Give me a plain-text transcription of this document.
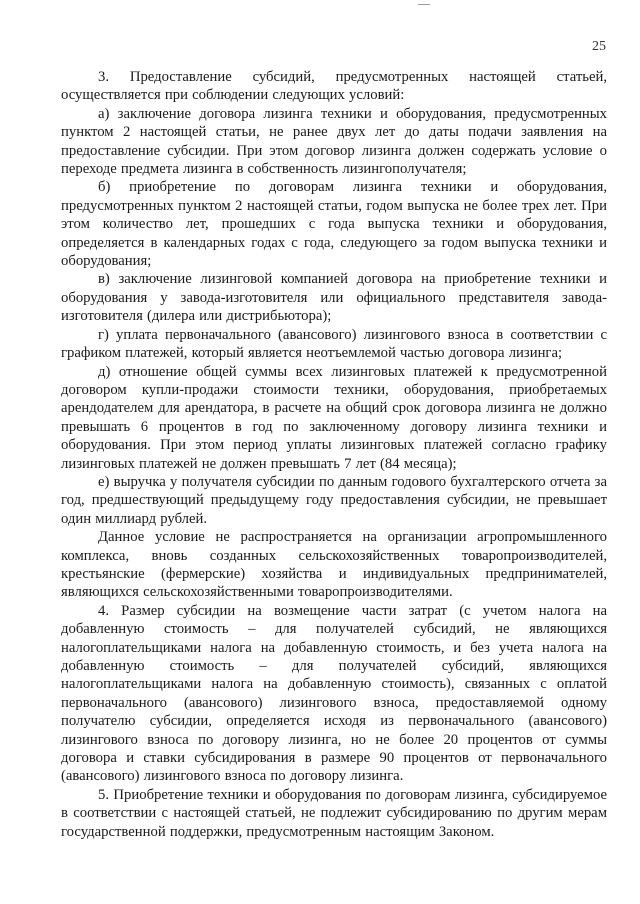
25

3. Предоставление субсидий, предусмотренных настоящей статьей, осуществляется при соблюдении следующих условий:

а) заключение договора лизинга техники и оборудования, предусмотренных пунктом 2 настоящей статьи, не ранее двух лет до даты подачи заявления на предоставление субсидии. При этом договор лизинга должен содержать условие о переходе предмета лизинга в собственность лизингополучателя;

б) приобретение по договорам лизинга техники и оборудования, предусмотренных пунктом 2 настоящей статьи, годом выпуска не более трех лет. При этом количество лет, прошедших с года выпуска техники и оборудования, определяется в календарных годах с года, следующего за годом выпуска техники и оборудования;

в) заключение лизинговой компанией договора на приобретение техники и оборудования у завода-изготовителя или официального представителя завода-изготовителя (дилера или дистрибьютора);

г) уплата первоначального (авансового) лизингового взноса в соответствии с графиком платежей, который является неотъемлемой частью договора лизинга;

д) отношение общей суммы всех лизинговых платежей к предусмотренной договором купли-продажи стоимости техники, оборудования, приобретаемых арендодателем для арендатора, в расчете на общий срок договора лизинга не должно превышать 6 процентов в год по заключенному договору лизинга техники и оборудования. При этом период уплаты лизинговых платежей согласно графику лизинговых платежей не должен превышать 7 лет (84 месяца);

е) выручка у получателя субсидии по данным годового бухгалтерского отчета за год, предшествующий предыдущему году предоставления субсидии, не превышает один миллиард рублей.

Данное условие не распространяется на организации агропромышленного комплекса, вновь созданных сельскохозяйственных товаропроизводителей, крестьянские (фермерские) хозяйства и индивидуальных предпринимателей, являющихся сельскохозяйственными товаропроизводителями.

4. Размер субсидии на возмещение части затрат (с учетом налога на добавленную стоимость – для получателей субсидий, не являющихся налогоплательщиками налога на добавленную стоимость, и без учета налога на добавленную стоимость – для получателей субсидий, являющихся налогоплательщиками налога на добавленную стоимость), связанных с оплатой первоначального (авансового) лизингового взноса, предоставляемой одному получателю субсидии, определяется исходя из первоначального (авансового) лизингового взноса по договору лизинга, но не более 20 процентов от суммы договора и ставки субсидирования в размере 90 процентов от первоначального (авансового) лизингового взноса по договору лизинга.

5. Приобретение техники и оборудования по договорам лизинга, субсидируемое в соответствии с настоящей статьей, не подлежит субсидированию по другим мерам государственной поддержки, предусмотренным настоящим Законом.
